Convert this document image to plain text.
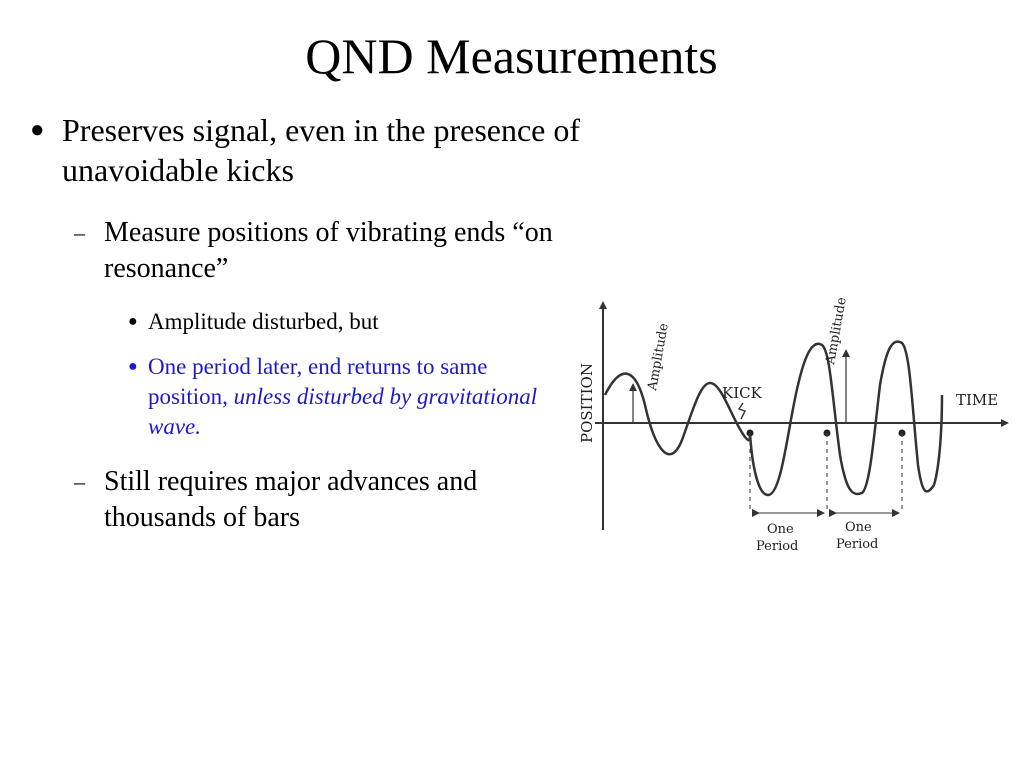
QND Measurements
● Preserves signal, even in the presence of unavoidable kicks
– Measure positions of vibrating ends “on resonance”
● Amplitude disturbed, but
● One period later, end returns to same position, unless disturbed by gravitational wave.
– Still requires major advances and thousands of bars
POSITION	TIME
KICK
Amplitude	Amplitude
One
Period
One
Period
